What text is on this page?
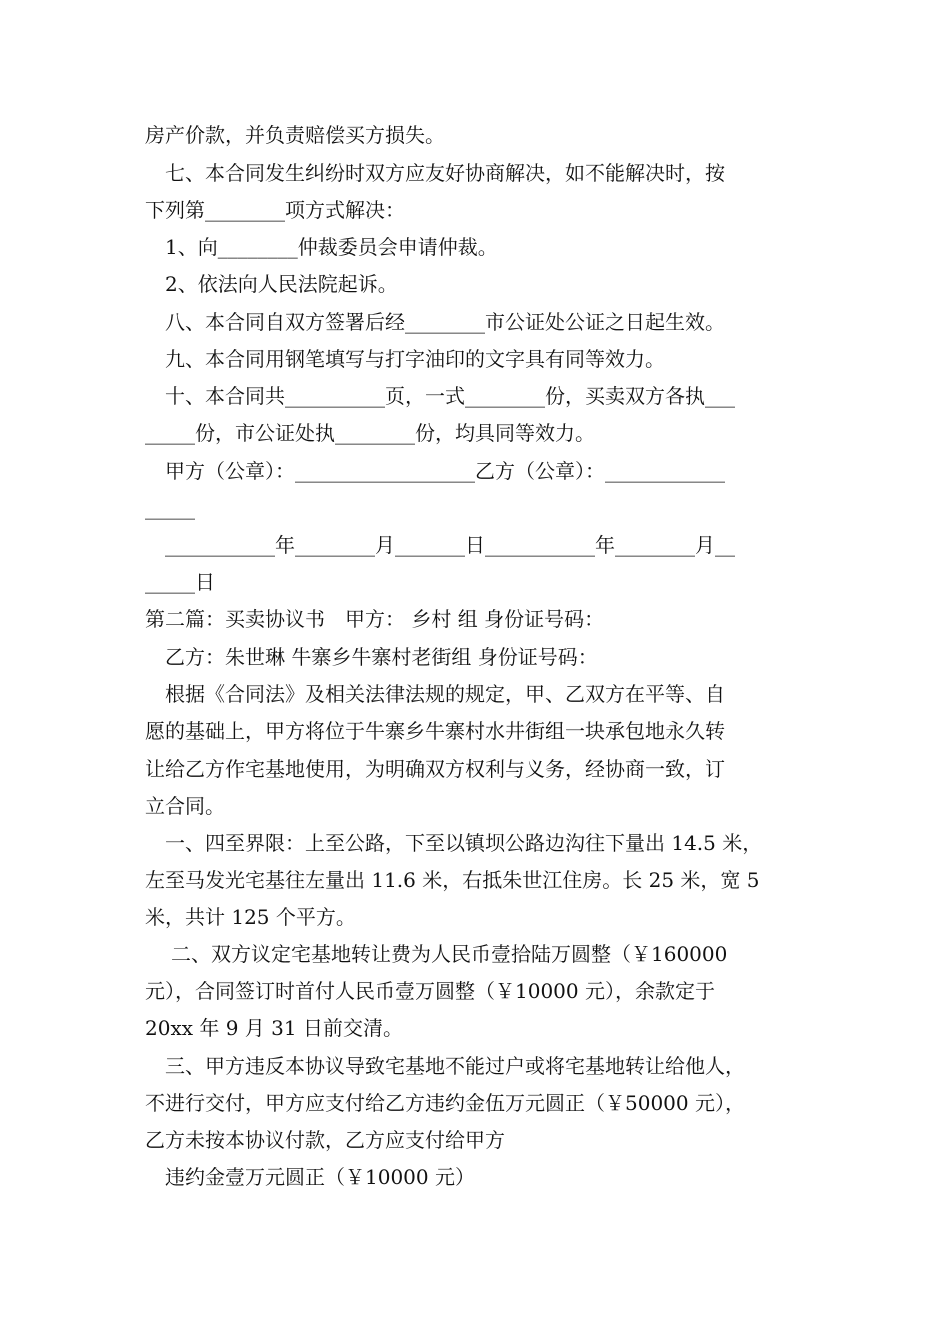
房产价款，并负责赔偿买方损失。
七、本合同发生纠纷时双方应友好协商解决，如不能解决时，按
下列第________项方式解决：
1、向________仲裁委员会申请仲裁。
2、依法向人民法院起诉。
八、本合同自双方签署后经________市公证处公证之日起生效。
九、本合同用钢笔填写与打字油印的文字具有同等效力。
十、本合同共__________页，一式________份，买卖双方各执___
_____份，市公证处执________份，均具同等效力。
甲方（公章）：__________________乙方（公章）：____________
_____
___________年________月_______日___________年________月__
_____日
第二篇：买卖协议书　甲方： 乡村 组 身份证号码：
乙方：朱世琳 牛寨乡牛寨村老街组 身份证号码：
根据《合同法》及相关法律法规的规定，甲、乙双方在平等、自
愿的基础上，甲方将位于牛寨乡牛寨村水井街组一块承包地永久转
让给乙方作宅基地使用，为明确双方权利与义务，经协商一致，订
立合同。
一、四至界限：上至公路，下至以镇坝公路边沟往下量出 14.5 米，
左至马发光宅基往左量出 11.6 米，右抵朱世江住房。长 25 米，宽 5
米，共计 125 个平方。
二、双方议定宅基地转让费为人民币壹拾陆万圆整（￥160000
元），合同签订时首付人民币壹万圆整（￥10000 元），余款定于
20xx 年 9 月 31 日前交清。
三、甲方违反本协议导致宅基地不能过户或将宅基地转让给他人，
不进行交付，甲方应支付给乙方违约金伍万元圆正（￥50000 元），
乙方未按本协议付款，乙方应支付给甲方
违约金壹万元圆正（￥10000 元）
